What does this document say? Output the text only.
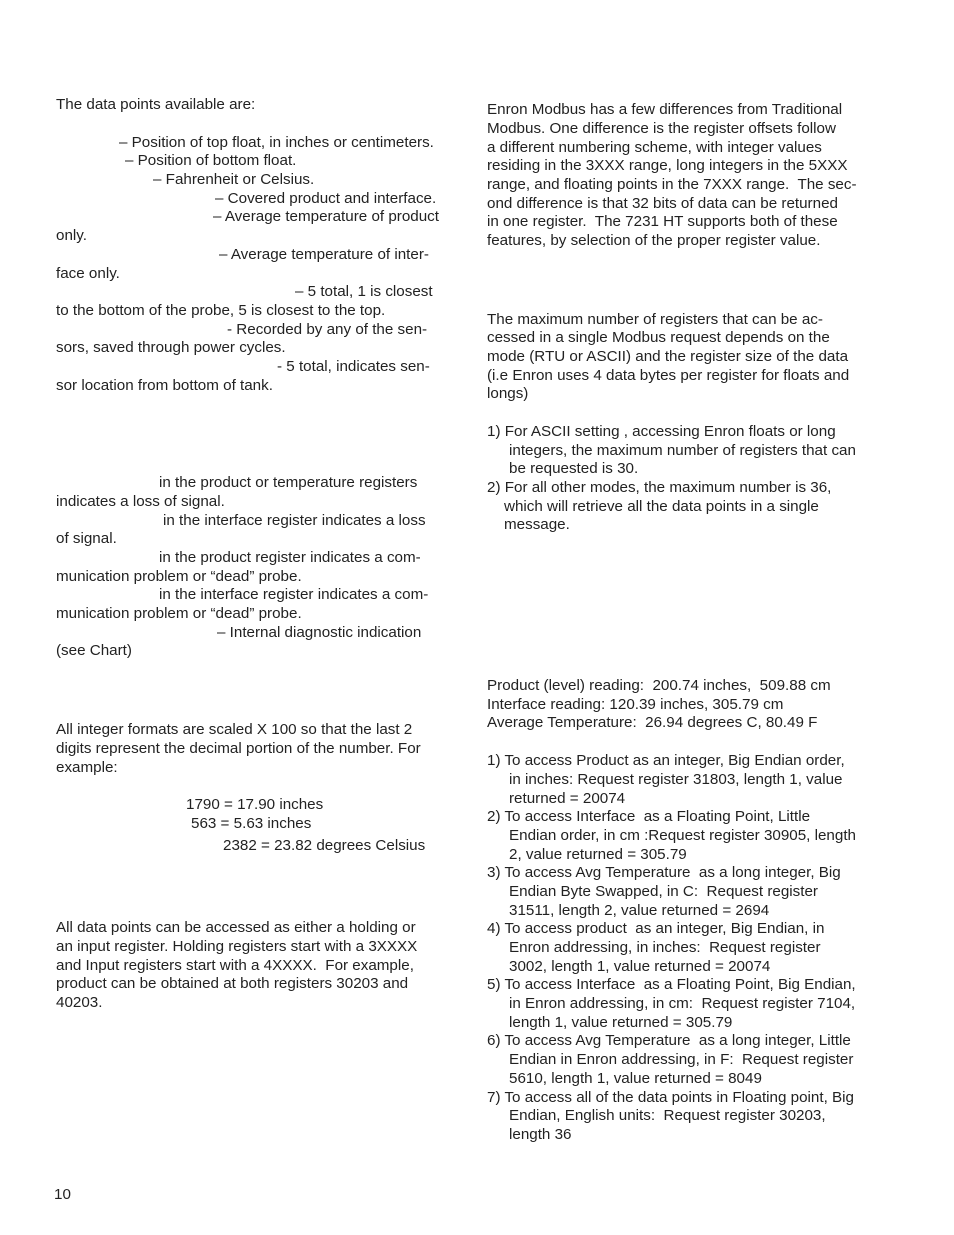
The data points available are:
– Position of top float, in inches or centimeters.
– Position of bottom float.
– Fahrenheit or Celsius.
– Covered product and interface.
– Average temperature of product
only.
– Average temperature of inter-
face only.
– 5 total, 1 is closest
to the bottom of the probe, 5 is closest to the top.
- Recorded by any of the sen-
sors, saved through power cycles.
- 5 total, indicates sen-
sor location from bottom of tank.
in the product or temperature registers
indicates a loss of signal.
in the interface register indicates a loss
of signal.
in the product register indicates a com-
munication problem or “dead” probe.
in the interface register indicates a com-
munication problem or “dead” probe.
– Internal diagnostic indication
(see Chart)
All integer formats are scaled X 100 so that the last 2
digits represent the decimal portion of the number. For
example:
1790 = 17.90 inches
563 = 5.63 inches
2382 = 23.82 degrees Celsius
All data points can be accessed as either a holding or
an input register. Holding registers start with a 3XXXX
and Input registers start with a 4XXXX.  For example,
product can be obtained at both registers 30203 and
40203.
Enron Modbus has a few differences from Traditional
Modbus. One difference is the register offsets follow
a different numbering scheme, with integer values
residing in the 3XXX range, long integers in the 5XXX
range, and floating points in the 7XXX range.  The sec-
ond difference is that 32 bits of data can be returned
in one register.  The 7231 HT supports both of these
features, by selection of the proper register value.
The maximum number of registers that can be ac-
cessed in a single Modbus request depends on the
mode (RTU or ASCII) and the register size of the data
(i.e Enron uses 4 data bytes per register for floats and
longs)
1) For ASCII setting , accessing Enron floats or long
integers, the maximum number of registers that can
be requested is 30.
2) For all other modes, the maximum number is 36,
which will retrieve all the data points in a single
message.
Product (level) reading:  200.74 inches,  509.88 cm
Interface reading: 120.39 inches, 305.79 cm
Average Temperature:  26.94 degrees C, 80.49 F
1) To access Product as an integer, Big Endian order,
in inches: Request register 31803, length 1, value
returned = 20074
2) To access Interface  as a Floating Point, Little
Endian order, in cm :Request register 30905, length
2, value returned = 305.79
3) To access Avg Temperature  as a long integer, Big
Endian Byte Swapped, in C:  Request register
31511, length 2, value returned = 2694
4) To access product  as an integer, Big Endian, in
Enron addressing, in inches:  Request register
3002, length 1, value returned = 20074
5) To access Interface  as a Floating Point, Big Endian,
in Enron addressing, in cm:  Request register 7104,
length 1, value returned = 305.79
6) To access Avg Temperature  as a long integer, Little
Endian in Enron addressing, in F:  Request register
5610, length 1, value returned = 8049
7) To access all of the data points in Floating point, Big
Endian, English units:  Request register 30203,
length 36
10
